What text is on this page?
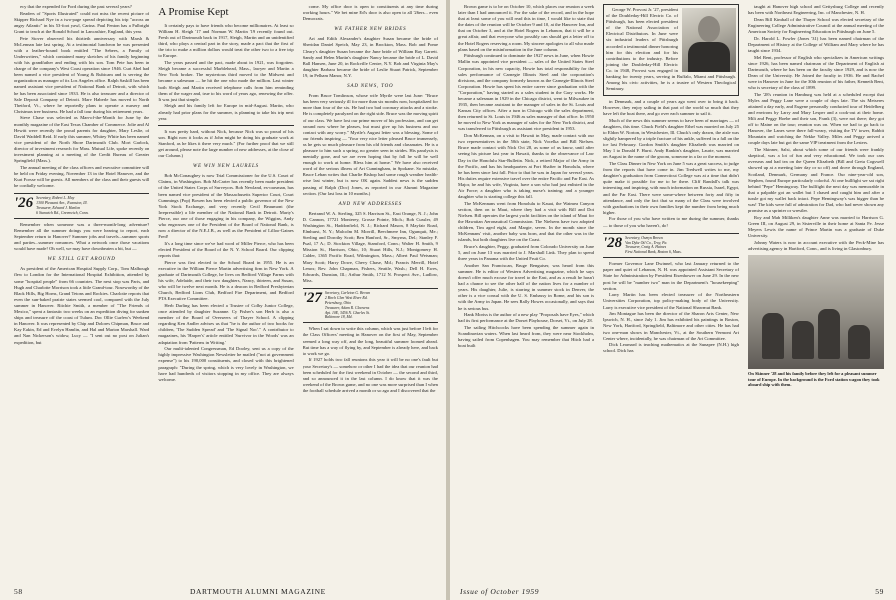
ecy that the expended for Ford during the past several years?

Readers of "Sports Illustrated" could not miss the recent picture of Skipper Richard Nye in a two-page spread depicting his trip "across an angry Atlantic" in his 53-foot yawl, Carina. Paul Fenton has a Fulbright Grant to teach at the Ronald School in Lancashire, England, this year.

Pete Stover observed his thirtieth anniversary with Marsh & McLennan late last spring. At a testimonial luncheon he was presented with a leather-bound book entitled "The Sebees, a Family of Underwriters," which contained many sketches of his family beginning with his grandfather and ending with his son. Tom Pete has been in charge of the company's West Coast operation since 1946. Curt Abel had been named a vice president of Young & Rubicam and is serving the organization as manager of its Los Angeles office. Ralph Saskill has been named assistant vice president of National Bank of Detroit, with which he has been associated since 1933. He is also treasurer and a director of Sale Deposit Company of Detroit. Marv Haberle has moved to North Thetford, Vt., where he reportedly plans to operate a nursery and Christmas tree business. He had a fall tour during his retirement years.

Steve Chase was selected as Man-of-the-Month for June by the monthly magazine of the East Texas Chamber of Commerce. Jolie and Al Hewitt were recently the proud parents for daughter, Mary Leslie, of David Waddell Reid. If early this summer, Whitey White has been named vice president of the North Shore Dartmouth Club. Mort Garlock, director of investment research for Mass. Mutual Life, spoke recently on investment planning at a meeting of the Credit Bureau of Greater Springfield (Mass.).

The annual meeting of the class officers and executive committee will be held on Friday evening, November 13 in the Hotel Hanover, and the Kurt Forsse will be guests. All members of the class and their guests will be cordially welcome.

'26 Secretary, Robert L. May
1300 Pleasant Ave., Evanston, Ill.
Treasurer, Edward J. Hanlon
6 Stanwich Rd., Greenwich, Conn.

Remember when someone was a three-month-long adventure? Remember all the summer doings you were hearing to report, each September return to Hanover? Summer jobs and travels...summer sports and parties...summer romances. What a network once those vacations would have made! Oh well, we may have downbeaten a bit, but —

WE STILL GET AROUND

As president of the American Hospital Supply Corp., Tom Malbough flew to London for the International Hospital Exhibition, attended by some "hospital people" from 66 countries. The next stop was Paris, and Hugh and Charlotte Morrison took a little Grand-tour. Noseworthy of the Black Hills, Big Horns, Grand Tetons and Rockies. Charlotte reports that even the sun-baked prairie states seemed cool, compared with the July summer in Hanover. Ritchie Smith, a member of "The Friends of Mexico," spent a fantastic two weeks on an expedition diving for sunken ships and treasure off the coast of Tulum. Doc Ollie Curfew's Weekend in Hanover. It was represented by Chip and Dolores Chipman, Bruce and Kay Eakin, Ed and Evelyn Hamlin, and Hal and Marion Marshall. Ward and Nan Nickerson's widow, Lucy — "I sent out no post on Julian's expedition, but

A Promise Kept

It certainly pays to have friends who become millionaires. At least so William H. Sleigh '17 and Norman W. Martin '19 recently found out. Fresh out of Dartmouth back in 1917, Sleigh, Martin and an unidentified third, who plays a central part in the story, made a pact that the first of the trio to make a million dollars would treat the other two to a free trip to Europe.

The years passed and the pact, made about in 1921, was forgotten. Sleigh became a successful Marblehead, Mass., lawyer and Martin a New York broker. The mysterious third moved to the Midwest and became a salesman — he hit the one who made the million. Last winter both Sleigh and Martin received telephone calls from him reminding them of the wager and, true to his word of years ago, renewing the offer. It was just that simple.

Sleigh and his family left for Europe in mid-August. Martin, who already had prior plans for the summer, is planning to take his trip next year.

It was pretty hard, without Nick, because Nick was so proud of his son. Right now it looks as if John might be doing his graduate work at Stanford, as he likes it there very much." (For further proof that we still get around, please note the large number of new addresses, at the close of our Column.)

WE WIN NEW LAURELS

Bob McConaughey is now Trial Commissioner for the U.S. Court of Claims, in Washington. Bob McCarter has recently been made president of the United States Corps of Surveyors. Bob Newland, ex-oarsman, has been named vice president of the Massachusetts Superior Court, Court Cummings (Pop) Bowen has been elected a public governor of the New York Stock Exchange, and very recently Cecil Beaumont (the Irrepressible) a life member of the National Bank in Detroit. Marty's Pierce, our one of those engaging in his company, the Wiggins, Andy who engrosses one of the President of the Board of National Bank, is now a director of the N.E.J.B., as well as the President of Lilloo-Gaines Fred!

It's a long time since we've had word of Miller Pierce, who has been elected President of the Board of the N. Y. School Board. Our clipping reports that:

Pierce was first elected to the School Board in 1955. He is an executive in the William Pierce Martin advertising firm in New York. A graduate of Dartmouth College, he lives on Bedford Village Farms with his wife, Adelaide, and their two daughters, Nancy, thirteen, and Susan, who will be twelve next month. He is a deacon in Bedford Presbyterian Church, Bedford Lions Club, Bedford Fire Department, and Bedford PTA Executive Committee.

Herb Darling has been elected a Trustee of Colby Junior College, once attended by daughter Suzanne. Cy Fisher's son Herb is also a member of the Board of Overseers of Thayer School. A clipping regarding Ken Andler advises us that "he is the author of two books for children, 'The Sudden Spread' and 'The Signal Noc'." A contributor to magazines, his 'Harper's' article entitled 'Survivor in the Woods' was an adaptation from 'Patterns in Writing.'

Our multi-talented Congressman, Ed Dooley, sent us a copy of the highly impressive Washington Newsletter he mailed ("not at government expense") to his 190,000 constituents, and closed with this brightened paragraph: "During the spring, which is very lovely in Washington, we have had hundreds of visitors stopping in my office. They are always welcome.

come. My office door is open to constituents at any time during working hours." We bet mine Ed's door is also open to all '26ers... even Democrats.

WE FATHER NEW BRIDES

Art and Edith Alexander's daughter Susan became the bride of Sheridan Daniel Speich, May 23, in Brockton, Mass. Bob and Pome Cleary's daughter Susan became the June bride of William Ray Garrett. Sandy and Helen Martin's daughter Nancy became the bride of L. David Ball Hansen, June 20, in Rockville Centre, N.Y. Bob and Virginia May's daughter Barbara became the bride of Leslie Stuart Patrick, September 19, in Pelham Manor, N.Y.

SAD NEWS, TOO

From Bruce Tomlinson, whose wife Myrtle were last June: "Bruce has been very seriously ill for more than six months now, hospitalized for more than four of the six. He had two bad coronary attacks and a stroke. He is completely paralyzed on the right side. Bruce was the moving spirit of our class. We have lost our prime mover of his profession, and can get around now where he pleases, but must give up his business and our contact with any worry." Myrtle's August letter was a blessing. Some of our friends inspiring — 'Your very nice letter pleased Bruce immensely, as he gets so much pleasure from his old friends and classmates. He is a pleasure to him such a spring, no greater seen in strides. His paralysis is mentally gone, and we are even hoping that by fall he will be well enough to work at home. Bless him at home." We have also received word of the serious illness of Art Cunningham, in Spokane. So mistake, Bruce Leban writes that Charlie Bishop had some rough weather health-wise last winter, but is now OK again. Saddest news is the sudden passing of Ralph (Doc) Jones, as reported in our Alumni Magazine section. (Our last loss in 10 months.)

AND NEW ADDRESSES

Bertrand W. A. Sterling, 325 S. Harrison St., East Orange, N. J.; John D. Cannon, 17721 Monterey, Grosse Pointe, Mich.; Bob Cussler, 49 Washington St., Haddonfield, N. J.; Richard Mason, 8 Mayfair Road, Elmhurst, N. Y.; Malcolm M. Morrill, Beechmere Inn, Ogunquit, Me.; Sterling and Dorothy Scott; Ben Hanford, Sr., Smyrna, Del.; Stanley F. Pual, 17 A.; D. Stockton Village, Stamford, Conn.; Walter H. Smith, 9 Mission St., Harrison, Ohio, 10; Stuart Hills, N.J.; Montgomery H. Calder, 1365 Pacific Road, Wilmington, Mass.; Albert Paul Weisman; Mary Scott; Harry Dowe, Chevy Chase, Md.; Francis Merrill, Hotel Lenox; Rev. John Chapman, Fishers, Seattle, Wash.; Dell H. Ewes, Edwards, Dunstan, Ill.; Arthur Smith, 1712 N. Prospect Ave., Ludlow, Miss.

'27 Secretary, Carleton G. Brown
2 Birch Glen West River Rd.
Petersburg, Ohio
Treasurer, Adam R. Gloovens
Apt. 10E, 3456 N. Charles St.
Baltimore 18, Md.

When I sat down to write this column, which was just before I left for the Class Officers' meeting in Hanover on the first of May, September seemed a long way off, and the long, beautiful summer loomed ahead. But time has a way of flying by, and September is already here, and back to work we go.

If 1927 holds two fall reunions this year it will be no one's fault but your Secretary's — somehow or other I had the idea that our reunion had been scheduled for the first weekend in October — the second and third, and so announced it in the last column. I do know that it was the weekend of the Brown game, and no one was more surprised than I when the football schedule arrived a month or so ago and I discovered that the

58	DARTMOUTH ALUMNI MAGAZINE

Brown game is to be on October 10, which places our reunion a week later than I had announced it. For the sake of the record, and in the hope that at least some of you will read this in time, I would like to state that the dates of the reunion will be October 9 and 10, at the Hanover Inn, and that on October 3, and at the Hotel Rogers in Lebanon, that it will be a great affair, and that everyone who possibly can should get a letter off to the Hotel Rogers reserving a room. My sincere apologies to all who made plans based on the misinformation in the June column.

Pittsburgh continued to dominate the 1927 news in June, when Howie Mallin was appointed vice president — sales of the United States Steel Corporation, in his new capacity, Howie has total responsibility for the sales performance of Carnegie Illinois Steel and the corporation's divisions, and the company formerly known as the Carnegie-Illinois Steel Corporation. Howie has spent his entire career since graduation with the "Corporation," having started as a sales student in the Gary works. He became a salesman in 1929 in the Chicago district, went to Milwaukee in 1935, then became assistant to the manager of sales in the St. Louis and Kansas City offices. After a turn in Chicago with the sales department, then returned to St. Louis in 1946 as sales manager of that office. In 1950 he moved to New York as manager of sales for the New York district, and was transferred to Pittsburgh as assistant vice president in 1953.

Don McKennan, on a visit to Hawaii in May, made contact with our two representatives in the 50th state, Nick Vocelka and Bill Nielsen. Bruce made contact with Nick Oct 28, as some of us know, until after seeing his picture last year in Hawaii, thanks to the observance of Law Day in the Honolulu Star-Bulletin. Nick, a retired Major of the Army in the Pacific, and has his headquarters at Fort Shafter in Honolulu, where he has been since last fall. Prior to that he was in Japan for several years. His duties require extensive travel over the entire Pacific and Far East. As Major, he and his wife, Virginia, have a son who had just enlisted in the Air Force; a daughter who is taking nurse's training; and a younger daughter who is starting college this fall.

The McKennans went from Honolulu to Kauai, the Waimea Canyon section, then on to Maui, where they had a visit with Bill and Dot Nielsen. Bill operates the largest yacht facilities on the island of Maui for the Hawaiian Aeronautical Commission. The Nielsens have two adopted children, Tim aged eight, and Margie, seven. In the month since the McKennans' visit, another baby was born, and that the other was in the islands, but both daughters live on the Coast.

Bruce's daughter, Peggy, graduated from Colorado University on June 5, and on June 13 was married to J. Marshall Link. They plan to spend three years in Panama with the United Fruit Co.

Another San Franciscan, Bruge Benguiser, was heard from this summer. He is editor of Western Advertising magazine, which he says doesn't offer much excuse for travel to the East, and as a result he hasn't had a chance to see the other half of the nation lives for a number of years. His daughter, Julie, is starring in summer stock in Denver, the other is a vice consul with the U. S. Embassy in Rome, and his son is with the Army in Japan. He sees Rally Howes occasionally, and says that he is serious bus.

Hank Moriss is the author of a new play "Proposals have Eyes," which had its first performance at the Dorset Playhouse, Dorset, Vt., on July 28.

The sailing Hitchcocks have been spending the summer again in Scandinavian waters. When last heard from, they were near Stockholm, having sailed from Copenhagen. You may remember that Hitch had a boat built

George W. Provost Jr. '27, president of the Doubleday-Hill Electric Co. of Pittsburgh, has been elected president of the National Association of Electrical Distributors. In June were six industrial leaders of Pittsburgh accorded a testimonial dinner honoring him for this election and for his contributions to the industry. Before joining the Doubleday-Hill Electric Co. in 1948, Provost was engaged in banking for twenty years, serving in Buffalo, Miami and Pittsburgh. Among his civic activities, he is a trustee of Western Theological Seminary.

in Denmark, and a couple of years ago went over to bring it back. However, they enjoy sailing in that part of the world so much that they have left the boat there, and go over each summer to sail it.

Much of the news this summer seems to have been of marriages — of daughters, this time. Chuck Field's daughter Ethel was married on July 25 to Eldon W. Norton, in Westchester, Ill. Chuck's only drawn, the aisle was slightly hampered by a triple fracture of his ankle, suffered in a fall on the ice last February. Gordon Smith's daughter Elizabeth was married on May 1 to Donald F. Hurst. Andy Rankin's daughter, Laurie, was married on August in the name of the groom, someone in a far or the moment.

The Class Dinner in New York on June 5 was a great success, to judge from the reports that have come in. Jim Tredwell writes to me, my daughter's graduation from Connecticut College was at a time that didn't quite make it possible for me to be there. Cliff Randall's talk was interesting and inspiring, with much information on Russia, Israel, Egypt, and the Far East. There were some-where between forty and fifty in attendance, and only the fact that so many of the Class were involved with graduations in their own families kept the number from being much higher.

For those of you who have written to me during the summer, thanks — to those of you who haven't, do!

'28 Secretary, Osmyn Brown
Van Dyke Oil Co., Troy, Pa.
Treasurer, Craig A. Haines
First National Bank, Boston 6, Mass.

Former Governor Lane Dwinnel, who last January returned to the paper and quiet of Lebanon, N. H. was appointed Assistant Secretary of State for Administration by President Eisenhower on June 29. In the new post he will be "number two" man in the Department's "housekeeping" section.

Larry Martin has been elected treasurer of the Northeastern Universities Corporation, top policy-making body of the University. Larry is executive vice president of the National Shawmut Bank.

Jim Montague has been the director of the Sharon Arts Center, New Ipswich, N. H., since July 1. Jim has exhibited his paintings in Boston, New York, Hartford, Springfield, Baltimore and other cities. He has had two one-man shows in Manchester, Vt., at the Southern Vermont Art Center where, incidentally, he was chairman of the Art Committee.

Dick Learnard is teaching mathematics at the Sunapee (N.H.) high school. Dick has

taught at Hanover high school and Gettysburg College and recently has been with Northeast Engineering, Inc. of Manchester, N. H.

Dean Bill Kimball of the Thayer School was elected secretary of the Engineering College Administrative Council at the annual meeting of the American Society for Engineering Education in Pittsburgh on June 5.

Dr. Harold L. Fowler (Jones '31) has been named chairman of the Department of History at the College of William and Mary where he has taught since 1934.

Mel Bent, professor of English who specializes in American writings since 1926, has been named chairman of the Department of English at Dartmouth, where he has been on the faculty since 1929, and is now the Dean of the University. He Joined the faculty in 1936. He and Rachel were in Hanover in June for the 30th reunion of his father, Kenneth Bent, who is secretary of the class of 1899.

The '28's reunion in Hamburg was held at a scheduled except that Myles and Peggy Lane were a couple of days late. The six Metseres attained a day early, and Eugene personally conducted tour of Heidelberg and environs by Larry and Mary Lesper and a cook-out at their home. Milt and Peggy Hoebe and their son, Frank (3), were not there; they got off to Maine on the tour; reunion was on. When we had to go back to Hanover, the Lanes were there fall-weary, visiting the TV tower, Rabbit Mountain and watching the Nekke Valley. Miles and Peggy arrived a couple days late but got the same VIP treatment from the Lesters.

The Skinner, Salsi, about which some of our friends were frankly skeptical, was a lot of fun and very educational. We took our cars overseas and had tea on the Queen Elizabeth (Bill and Greta Cogswell showed up at a meeting later day or so off) and drove through England, Scotland, Denmark, Germany and France. Our nine-year-old son, Stephen, found Europe particularly colorful. At one bullfight we sat right behind "Pepe" Hemingway. The bullfight the next day was memorable in that a palpable got an wallet but I chased and caught him and after a tussle got my wallet back intact. Pepe Hemingway's was bigger than he was! The kids were full of admiration for Dad, who had never shown any promise as a sprinter or wrestler.

Roy and Mab Milliken's daughter Anne was married to Harrison G. Green III, on August 29, in Sisterville in their home at Santa Fe. Jesse Meyers Lewis the name of Prince Martin was a graduate of Duke University.

Johnny Waters is now in account executive with the Peck-Mine has advertising agency in Hartford, Conn., and is living in Glastonbury.

On Skinner '28 and his family before they left for a pleasant summer tour of Europe. In the background is the Ford station wagon they took aboard ship with them.
Issue of October 1959	59
